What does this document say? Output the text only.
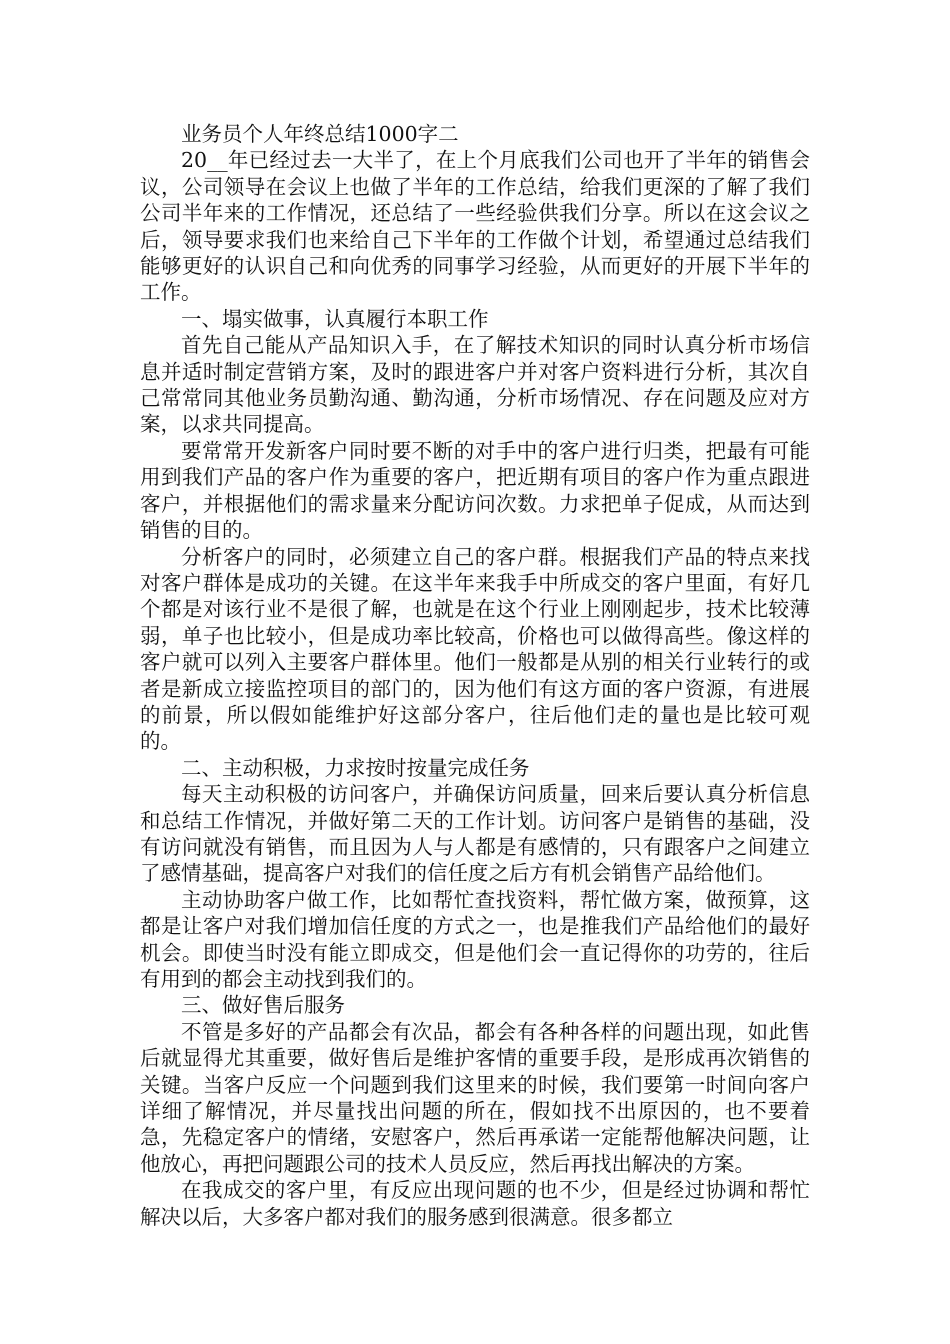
业务员个人年终总结1000字二

20__年已经过去一大半了，在上个月底我们公司也开了半年的销售会议，公司领导在会议上也做了半年的工作总结，给我们更深的了解了我们公司半年来的工作情况，还总结了一些经验供我们分享。所以在这会议之后，领导要求我们也来给自己下半年的工作做个计划，希望通过总结我们能够更好的认识自己和向优秀的同事学习经验，从而更好的开展下半年的工作。

一、塌实做事，认真履行本职工作

首先自己能从产品知识入手，在了解技术知识的同时认真分析市场信息并适时制定营销方案，及时的跟进客户并对客户资料进行分析，其次自己常常同其他业务员勤沟通、勤沟通，分析市场情况、存在问题及应对方案，以求共同提高。

要常常开发新客户同时要不断的对手中的客户进行归类，把最有可能用到我们产品的客户作为重要的客户，把近期有项目的客户作为重点跟进客户，并根据他们的需求量来分配访问次数。力求把单子促成，从而达到销售的目的。

分析客户的同时，必须建立自己的客户群。根据我们产品的特点来找对客户群体是成功的关键。在这半年来我手中所成交的客户里面，有好几个都是对该行业不是很了解，也就是在这个行业上刚刚起步，技术比较薄弱，单子也比较小，但是成功率比较高，价格也可以做得高些。像这样的客户就可以列入主要客户群体里。他们一般都是从别的相关行业转行的或者是新成立接监控项目的部门的，因为他们有这方面的客户资源，有进展的前景，所以假如能维护好这部分客户，往后他们走的量也是比较可观的。

二、主动积极，力求按时按量完成任务

每天主动积极的访问客户，并确保访问质量，回来后要认真分析信息和总结工作情况，并做好第二天的工作计划。访问客户是销售的基础，没有访问就没有销售，而且因为人与人都是有感情的，只有跟客户之间建立了感情基础，提高客户对我们的信任度之后方有机会销售产品给他们。

主动协助客户做工作，比如帮忙查找资料，帮忙做方案，做预算，这都是让客户对我们增加信任度的方式之一，也是推我们产品给他们的最好机会。即使当时没有能立即成交，但是他们会一直记得你的功劳的，往后有用到的都会主动找到我们的。

三、做好售后服务

不管是多好的产品都会有次品，都会有各种各样的问题出现，如此售后就显得尤其重要，做好售后是维护客情的重要手段，是形成再次销售的关键。当客户反应一个问题到我们这里来的时候，我们要第一时间向客户详细了解情况，并尽量找出问题的所在，假如找不出原因的，也不要着急，先稳定客户的情绪，安慰客户，然后再承诺一定能帮他解决问题，让他放心，再把问题跟公司的技术人员反应，然后再找出解决的方案。

在我成交的客户里，有反应出现问题的也不少，但是经过协调和帮忙解决以后，大多客户都对我们的服务感到很满意。很多都立
